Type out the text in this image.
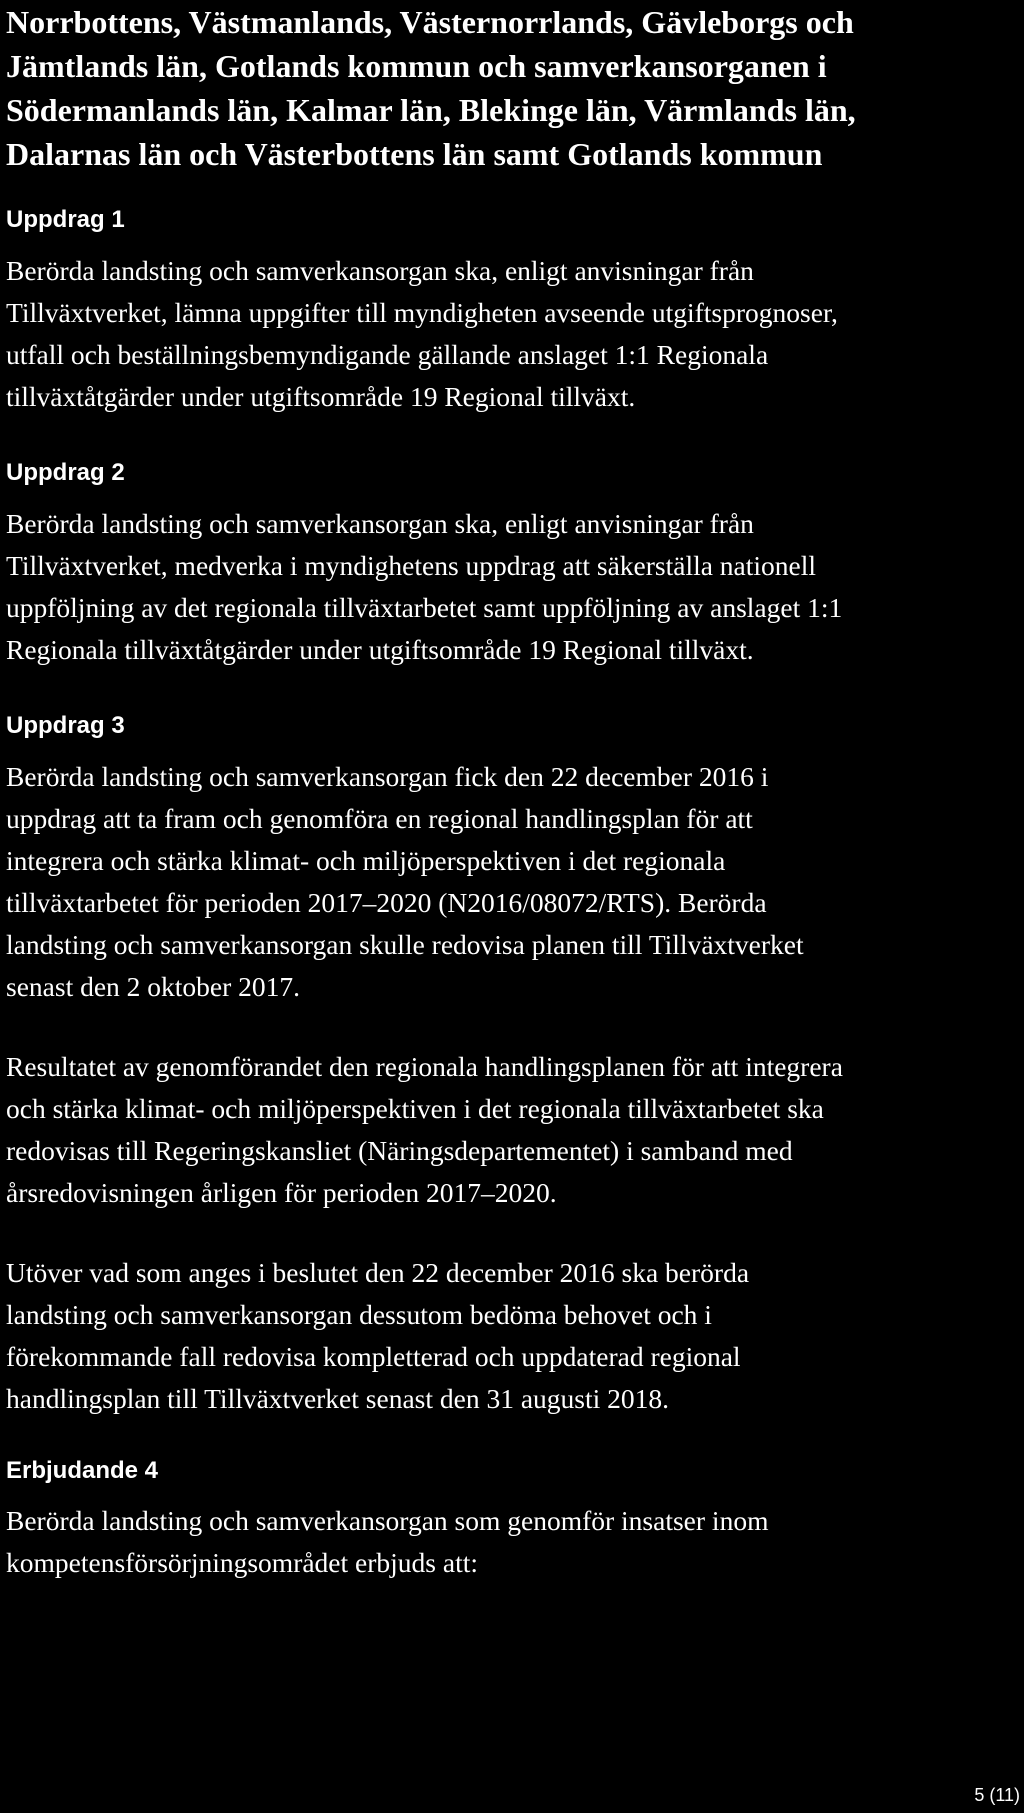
Norrbottens, Västmanlands, Västernorrlands, Gävleborgs och
Jämtlands län, Gotlands kommun och samverkansorganen i
Södermanlands län, Kalmar län, Blekinge län, Värmlands län,
Dalarnas län och Västerbottens län samt Gotlands kommun

Uppdrag 1

Berörda landsting och samverkansorgan ska, enligt anvisningar från
Tillväxtverket, lämna uppgifter till myndigheten avseende utgiftsprognoser,
utfall och beställningsbemyndigande gällande anslaget 1:1 Regionala
tillväxtåtgärder under utgiftsområde 19 Regional tillväxt.

Uppdrag 2

Berörda landsting och samverkansorgan ska, enligt anvisningar från
Tillväxtverket, medverka i myndighetens uppdrag att säkerställa nationell
uppföljning av det regionala tillväxtarbetet samt uppföljning av anslaget 1:1
Regionala tillväxtåtgärder under utgiftsområde 19 Regional tillväxt.

Uppdrag 3

Berörda landsting och samverkansorgan fick den 22 december 2016 i
uppdrag att ta fram och genomföra en regional handlingsplan för att
integrera och stärka klimat- och miljöperspektiven i det regionala
tillväxtarbetet för perioden 2017–2020 (N2016/08072/RTS). Berörda
landsting och samverkansorgan skulle redovisa planen till Tillväxtverket
senast den 2 oktober 2017.

Resultatet av genomförandet den regionala handlingsplanen för att integrera
och stärka klimat- och miljöperspektiven i det regionala tillväxtarbetet ska
redovisas till Regeringskansliet (Näringsdepartementet) i samband med
årsredovisningen årligen för perioden 2017–2020.

Utöver vad som anges i beslutet den 22 december 2016 ska berörda
landsting och samverkansorgan dessutom bedöma behovet och i
förekommande fall redovisa kompletterad och uppdaterad regional
handlingsplan till Tillväxtverket senast den 31 augusti 2018.

Erbjudande 4

Berörda landsting och samverkansorgan som genomför insatser inom
kompetensförsörjningsområdet erbjuds att:

5 (11)
